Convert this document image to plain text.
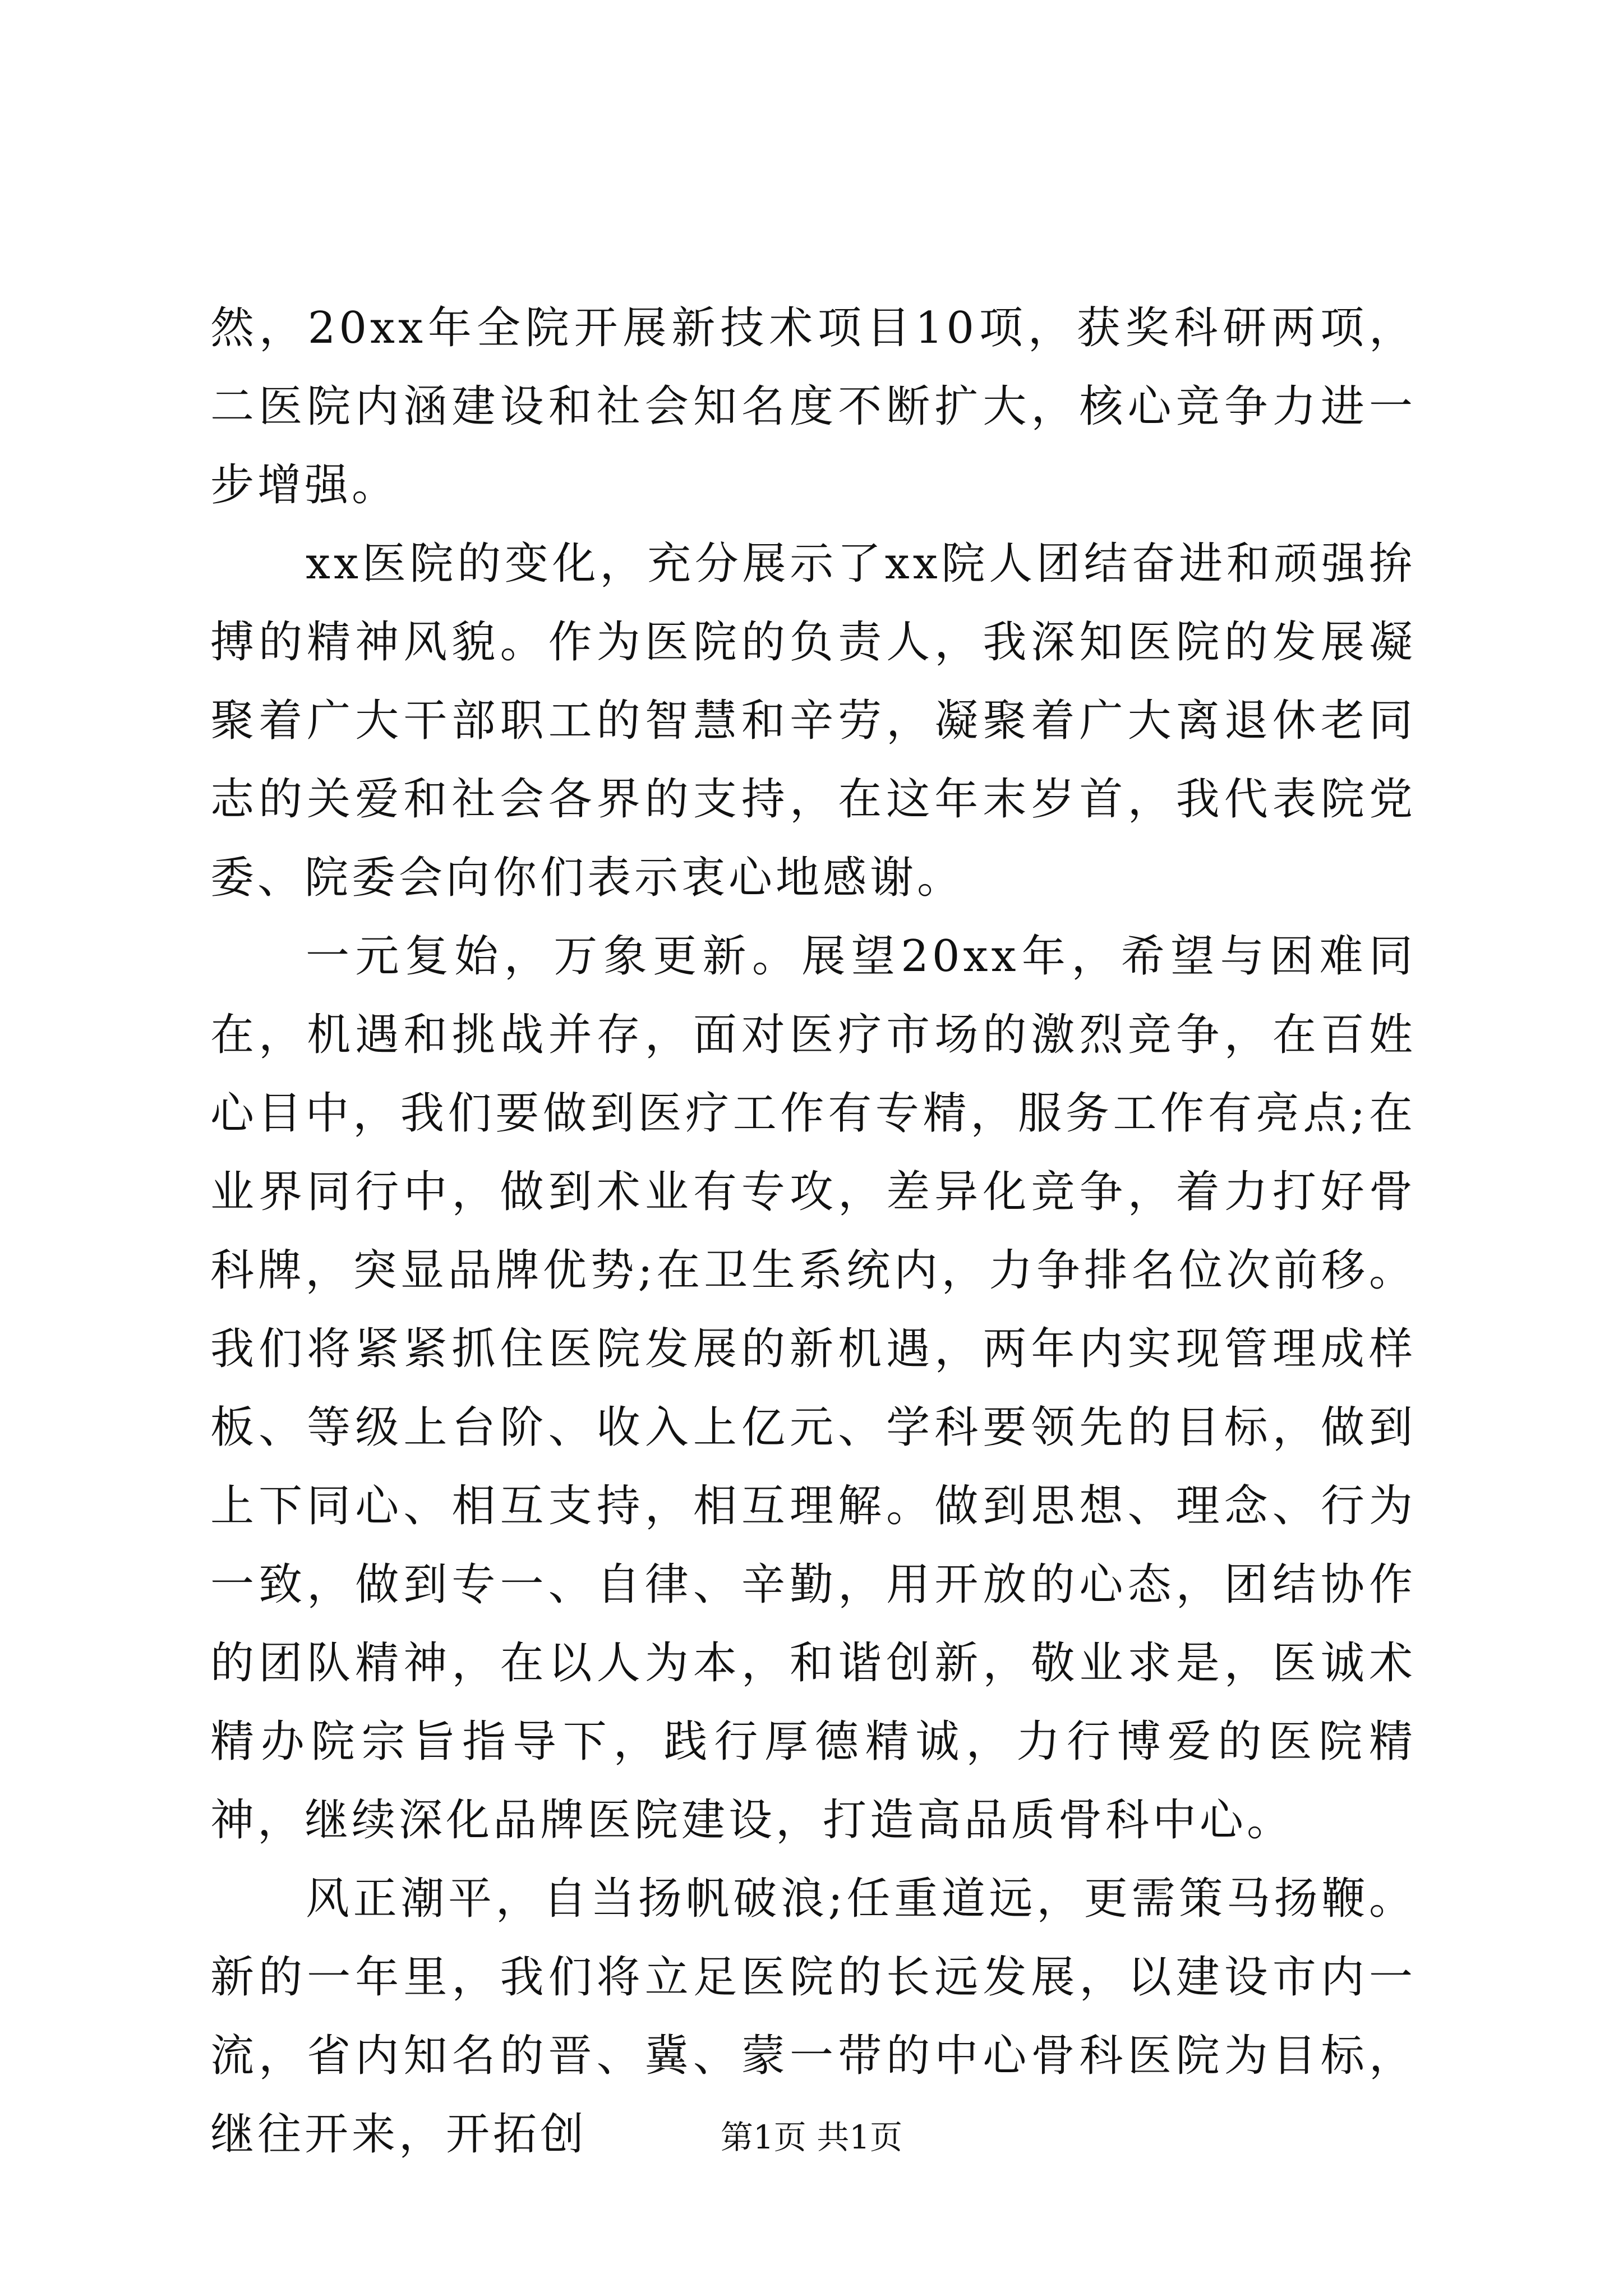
然，20xx年全院开展新技术项目10项，获奖科研两项，二医院内涵建设和社会知名度不断扩大，核心竞争力进一步增强。

xx医院的变化，充分展示了xx院人团结奋进和顽强拚搏的精神风貌。作为医院的负责人，我深知医院的发展凝聚着广大干部职工的智慧和辛劳，凝聚着广大离退休老同志的关爱和社会各界的支持，在这年末岁首，我代表院党委、院委会向你们表示衷心地感谢。

一元复始，万象更新。展望20xx年，希望与困难同在，机遇和挑战并存，面对医疗市场的激烈竞争，在百姓心目中，我们要做到医疗工作有专精，服务工作有亮点;在业界同行中，做到术业有专攻，差异化竞争，着力打好骨科牌，突显品牌优势;在卫生系统内，力争排名位次前移。我们将紧紧抓住医院发展的新机遇，两年内实现管理成样板、等级上台阶、收入上亿元、学科要领先的目标，做到上下同心、相互支持，相互理解。做到思想、理念、行为一致，做到专一、自律、辛勤，用开放的心态，团结协作的团队精神，在以人为本，和谐创新，敬业求是，医诚术精办院宗旨指导下，践行厚德精诚，力行博爱的医院精神，继续深化品牌医院建设，打造高品质骨科中心。

风正潮平，自当扬帆破浪;任重道远，更需策马扬鞭。新的一年里，我们将立足医院的长远发展，以建设市内一流，省内知名的晋、冀、蒙一带的中心骨科医院为目标，继往开来，开拓创	第1页 共1页
